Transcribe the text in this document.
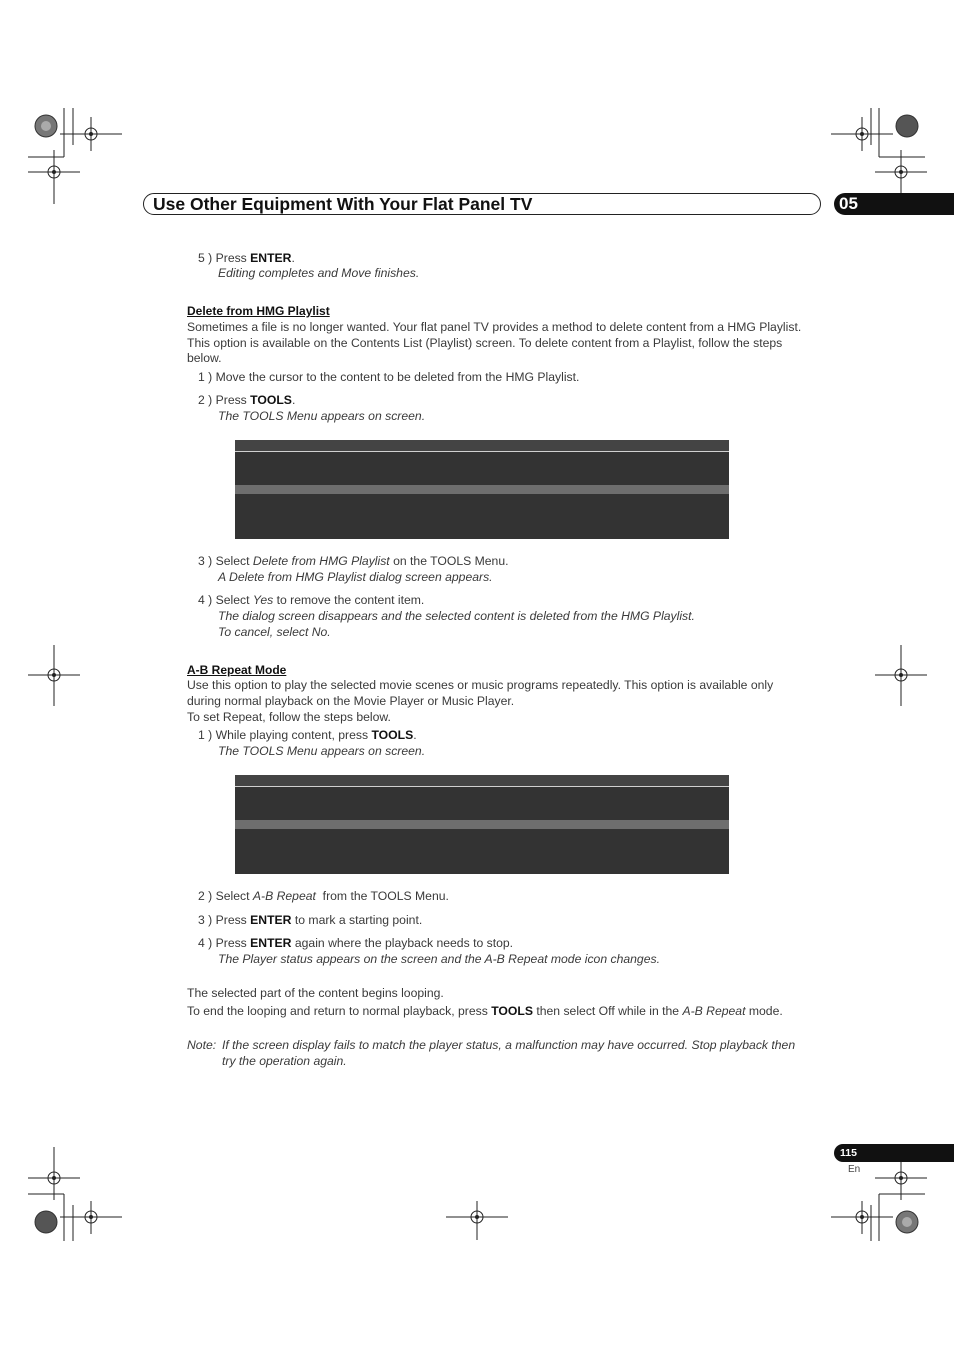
Use Other Equipment With Your Flat Panel TV	05
5 ) Press ENTER.
Editing completes and Move finishes.
Delete from HMG Playlist
Sometimes a file is no longer wanted. Your flat panel TV provides a method to delete content from a HMG Playlist.
This option is available on the Contents List (Playlist) screen. To delete content from a Playlist, follow the steps
below.
1 ) Move the cursor to the content to be deleted from the HMG Playlist.
2 ) Press TOOLS.
The TOOLS Menu appears on screen.
3 ) Select Delete from HMG Playlist on the TOOLS Menu.
A Delete from HMG Playlist dialog screen appears.
4 ) Select Yes to remove the content item.
The dialog screen disappears and the selected content is deleted from the HMG Playlist.
To cancel, select No.
A-B Repeat Mode
Use this option to play the selected movie scenes or music programs repeatedly. This option is available only
during normal playback on the Movie Player or Music Player.
To set Repeat, follow the steps below.
1 ) While playing content, press TOOLS.
The TOOLS Menu appears on screen.
2 ) Select A-B Repeat  from the TOOLS Menu.
3 ) Press ENTER to mark a starting point.
4 ) Press ENTER again where the playback needs to stop.
The Player status appears on the screen and the A-B Repeat mode icon changes.
The selected part of the content begins looping.
To end the looping and return to normal playback, press TOOLS then select Off while in the A-B Repeat mode.
Note: If the screen display fails to match the player status, a malfunction may have occurred. Stop playback then
try the operation again.
115
En
